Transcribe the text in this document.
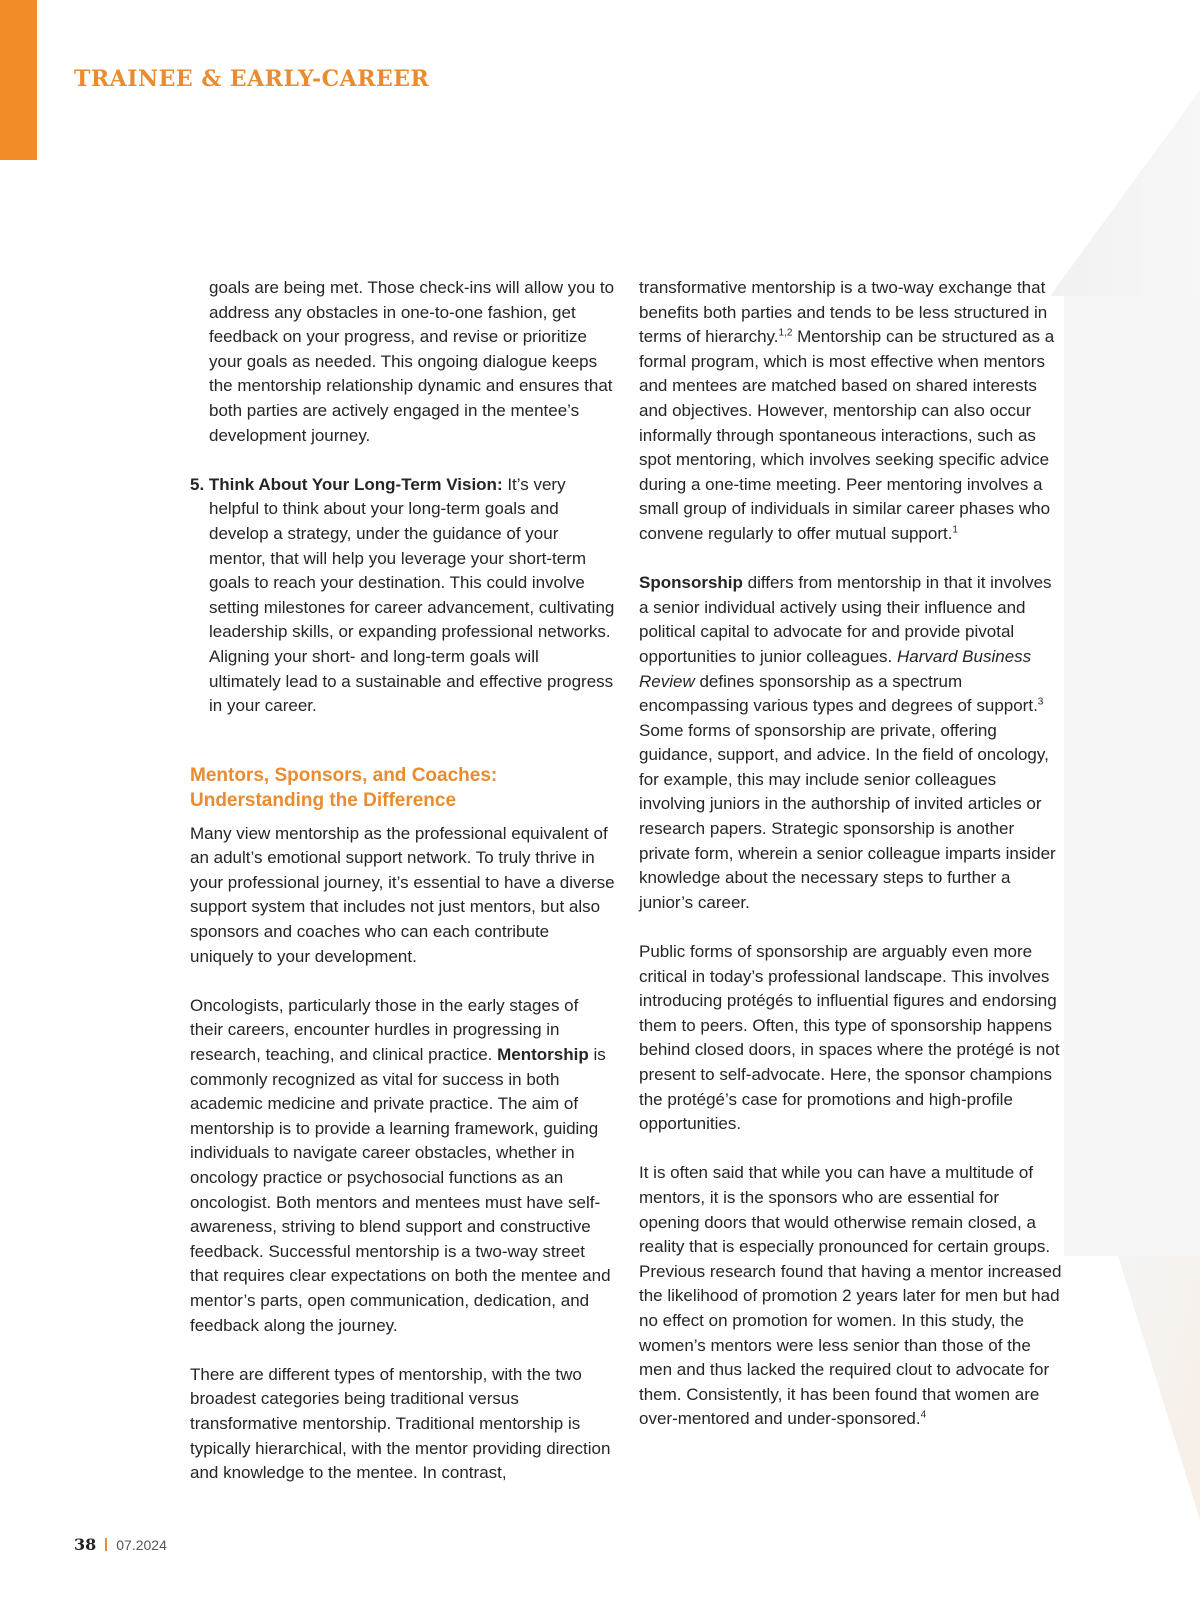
TRAINEE & EARLY-CAREER

goals are being met. Those check-ins will allow you to address any obstacles in one-to-one fashion, get feedback on your progress, and revise or prioritize your goals as needed. This ongoing dialogue keeps the mentorship relationship dynamic and ensures that both parties are actively engaged in the mentee’s development journey.

5. Think About Your Long-Term Vision: It’s very helpful to think about your long-term goals and develop a strategy, under the guidance of your mentor, that will help you leverage your short-term goals to reach your destination. This could involve setting milestones for career advancement, cultivating leadership skills, or expanding professional networks. Aligning your short- and long-term goals will ultimately lead to a sustainable and effective progress in your career.

Mentors, Sponsors, and Coaches:
Understanding the Difference

Many view mentorship as the professional equivalent of an adult’s emotional support network. To truly thrive in your professional journey, it’s essential to have a diverse support system that includes not just mentors, but also sponsors and coaches who can each contribute uniquely to your development.

Oncologists, particularly those in the early stages of their careers, encounter hurdles in progressing in research, teaching, and clinical practice. Mentorship is commonly recognized as vital for success in both academic medicine and private practice. The aim of mentorship is to provide a learning framework, guiding individuals to navigate career obstacles, whether in oncology practice or psychosocial functions as an oncologist. Both mentors and mentees must have self-awareness, striving to blend support and constructive feedback. Successful mentorship is a two-way street that requires clear expectations on both the mentee and mentor’s parts, open communication, dedication, and feedback along the journey.

There are different types of mentorship, with the two broadest categories being traditional versus transformative mentorship. Traditional mentorship is typically hierarchical, with the mentor providing direction and knowledge to the mentee. In contrast,

transformative mentorship is a two-way exchange that benefits both parties and tends to be less structured in terms of hierarchy.$^{1,2}$ Mentorship can be structured as a formal program, which is most effective when mentors and mentees are matched based on shared interests and objectives. However, mentorship can also occur informally through spontaneous interactions, such as spot mentoring, which involves seeking specific advice during a one-time meeting. Peer mentoring involves a small group of individuals in similar career phases who convene regularly to offer mutual support.$^1$

Sponsorship differs from mentorship in that it involves a senior individual actively using their influence and political capital to advocate for and provide pivotal opportunities to junior colleagues. Harvard Business Review defines sponsorship as a spectrum encompassing various types and degrees of support.$^3$ Some forms of sponsorship are private, offering guidance, support, and advice. In the field of oncology, for example, this may include senior colleagues involving juniors in the authorship of invited articles or research papers. Strategic sponsorship is another private form, wherein a senior colleague imparts insider knowledge about the necessary steps to further a junior’s career.

Public forms of sponsorship are arguably even more critical in today’s professional landscape. This involves introducing protégés to influential figures and endorsing them to peers. Often, this type of sponsorship happens behind closed doors, in spaces where the protégé is not present to self-advocate. Here, the sponsor champions the protégé’s case for promotions and high-profile opportunities.

It is often said that while you can have a multitude of mentors, it is the sponsors who are essential for opening doors that would otherwise remain closed, a reality that is especially pronounced for certain groups. Previous research found that having a mentor increased the likelihood of promotion 2 years later for men but had no effect on promotion for women. In this study, the women’s mentors were less senior than those of the men and thus lacked the required clout to advocate for them. Consistently, it has been found that women are over-mentored and under-sponsored.$^4$

38 07.2024
